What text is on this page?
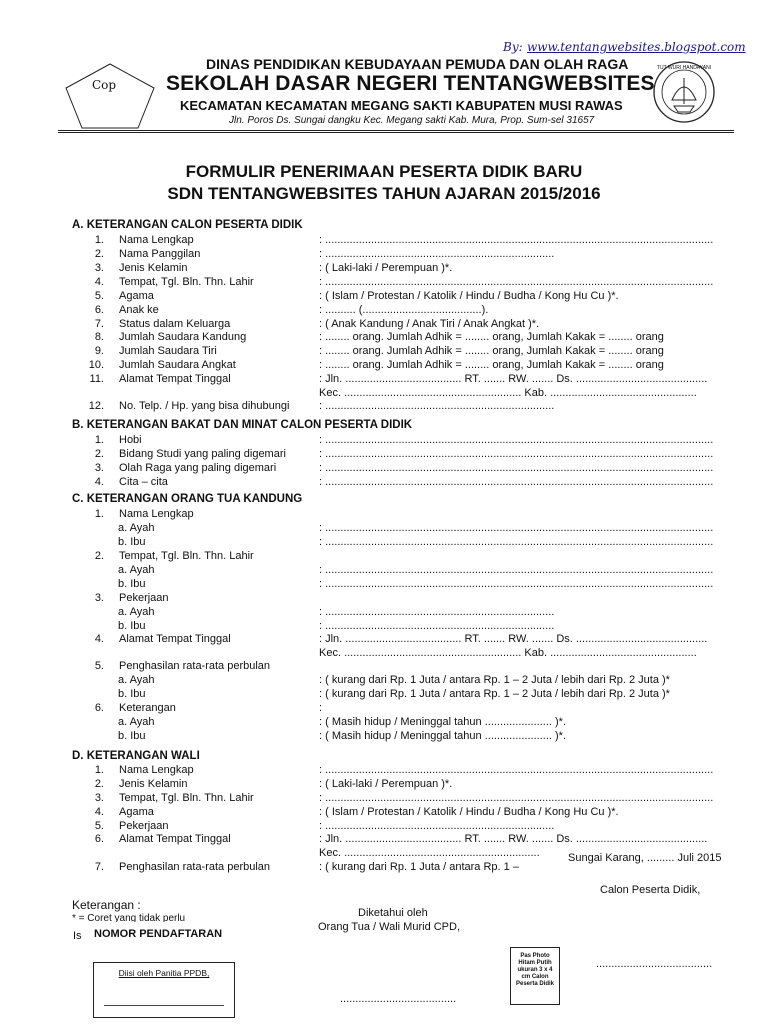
By: www.tentangwebsites.blogspot.com
Cop
TUT WURI HANDAYANI
DINAS PENDIDIKAN KEBUDAYAAN PEMUDA DAN OLAH RAGA
SEKOLAH DASAR NEGERI TENTANGWEBSITES
KECAMATAN KECAMATAN MEGANG SAKTI KABUPATEN MUSI RAWAS
Jln. Poros Ds. Sungai dangku Kec. Megang sakti Kab. Mura, Prop. Sum-sel 31657
FORMULIR PENERIMAAN PESERTA DIDIK BARU
SDN TENTANGWEBSITES TAHUN AJARAN 2015/2016
A. KETERANGAN CALON PESERTA DIDIK
B. KETERANGAN BAKAT DAN MINAT CALON PESERTA DIDIK
C. KETERANGAN ORANG TUA KANDUNG
D. KETERANGAN WALI
1. Nama Lengkap	: ...............................................................................................................................
2. Nama Panggilan	: ...........................................................................
3. Jenis Kelamin	: ( Laki-laki / Perempuan )*.
4. Tempat, Tgl. Bln. Thn. Lahir	: ...............................................................................................................................
5. Agama	: ( Islam / Protestan / Katolik / Hindu / Budha / Kong Hu Cu )*.
6. Anak ke	: .......... (.......................................).
7. Status dalam Keluarga	: ( Anak Kandung / Anak Tiri / Anak Angkat )*.
8. Jumlah Saudara Kandung	: ........ orang. Jumlah Adhik = ........ orang, Jumlah Kakak = ........ orang
9. Jumlah Saudara Tiri	: ........ orang. Jumlah Adhik = ........ orang, Jumlah Kakak = ........ orang
10. Jumlah Saudara Angkat	: ........ orang. Jumlah Adhik = ........ orang, Jumlah Kakak = ........ orang
11. Alamat Tempat Tinggal	: Jln. ...................................... RT. ....... RW. ....... Ds. ...........................................
Kec. .......................................................... Kab. ................................................
12. No. Telp. / Hp. yang bisa dihubungi	: ...........................................................................
1. Hobi	: ...............................................................................................................................
2. Bidang Studi yang paling digemari	: ...............................................................................................................................
3. Olah Raga yang paling digemari	: ...............................................................................................................................
4. Cita – cita	: ...............................................................................................................................
1. Nama Lengkap
a. Ayah	: ...............................................................................................................................
b. Ibu	: ...............................................................................................................................
2. Tempat, Tgl. Bln. Thn. Lahir
a. Ayah	: ...............................................................................................................................
b. Ibu	: ...............................................................................................................................
3. Pekerjaan
a. Ayah	: ...........................................................................
b. Ibu	: ...........................................................................
4. Alamat Tempat Tinggal	: Jln. ...................................... RT. ....... RW. ....... Ds. ...........................................
Kec. .......................................................... Kab. ................................................
5. Penghasilan rata-rata perbulan
a. Ayah	: ( kurang dari Rp. 1 Juta / antara Rp. 1 – 2 Juta / lebih dari Rp. 2 Juta )*
b. Ibu	: ( kurang dari Rp. 1 Juta / antara Rp. 1 – 2 Juta / lebih dari Rp. 2 Juta )*
6. Keterangan	:
a. Ayah	: ( Masih hidup / Meninggal tahun ...................... )*.
b. Ibu	: ( Masih hidup / Meninggal tahun ...................... )*.
1. Nama Lengkap	: ...............................................................................................................................
2. Jenis Kelamin	: ( Laki-laki / Perempuan )*.
3. Tempat, Tgl. Bln. Thn. Lahir	: ...............................................................................................................................
4. Agama	: ( Islam / Protestan / Katolik / Hindu / Budha / Kong Hu Cu )*.
5. Pekerjaan	: ...........................................................................
6. Alamat Tempat Tinggal	: Jln. ...................................... RT. ....... RW. ....... Ds. ...........................................
Kec. ................................................................
7. Penghasilan rata-rata perbulan	: ( kurang dari Rp. 1 Juta / antara Rp. 1 –
Sungai Karang, ......... Juli 2015
Calon Peserta Didik,
Keterangan :
* = Coret yang tidak perlu	Diketahui oleh
Orang Tua / Wali Murid CPD,
Is NOMOR PENDAFTARAN
Diisi oleh Panitia PPDB,
Pas Photo
Hitam Putih
ukuran 3 x 4
cm Calon
Peserta Didik
......................................
......................................
